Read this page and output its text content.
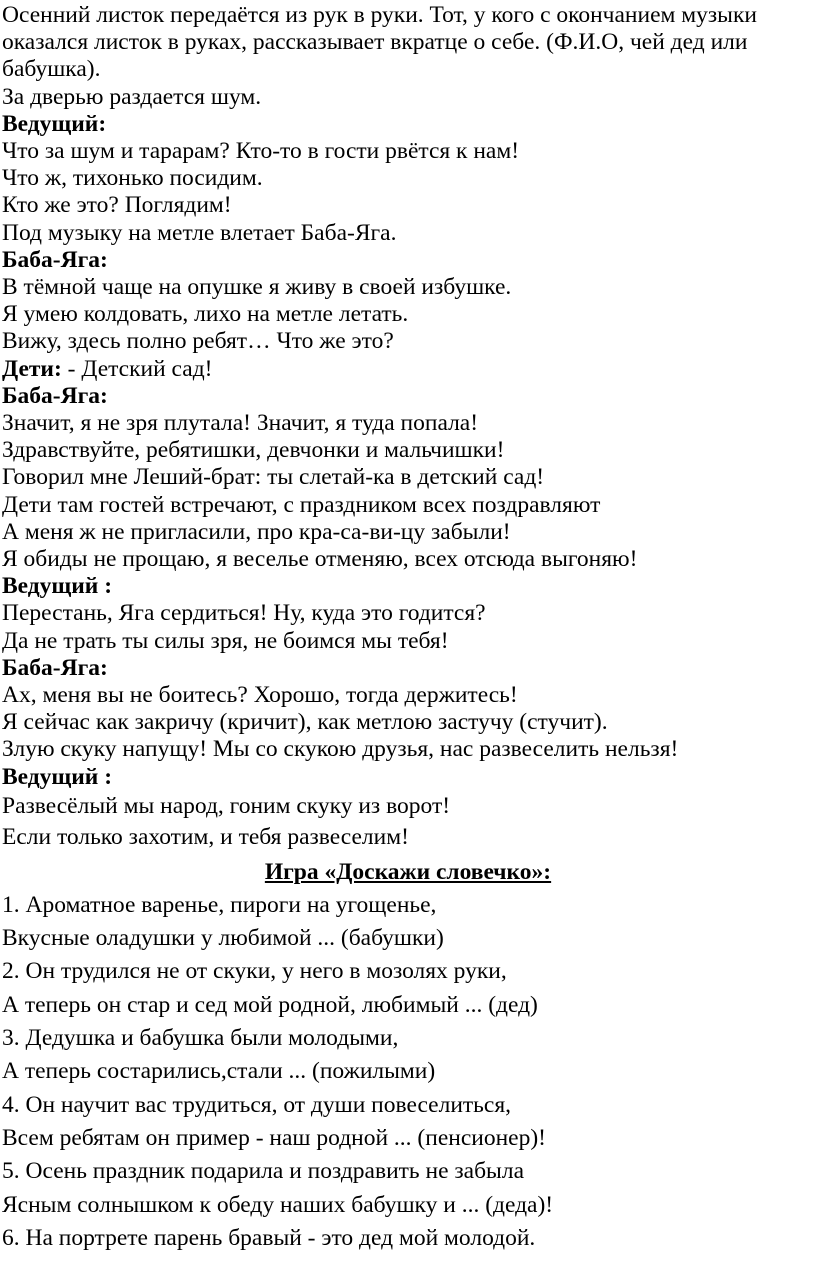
Осенний листок передаётся из рук в руки. Тот, у кого с окончанием музыки
оказался листок в руках, рассказывает вкратце о себе. (Ф.И.О, чей дед или
бабушка).
За дверью раздается шум.
Ведущий:
Что за шум и тарарам? Кто-то в гости рвётся к нам!
Что ж, тихонько посидим.
Кто же это? Поглядим!
Под музыку на метле влетает Баба-Яга.
Баба-Яга:
В тёмной чаще на опушке я живу в своей избушке.
Я умею колдовать, лихо на метле летать.
Вижу, здесь полно ребят… Что же это?
Дети: - Детский сад!
Баба-Яга:
Значит, я не зря плутала! Значит, я туда попала!
Здравствуйте, ребятишки, девчонки и мальчишки!
Говорил мне Леший-брат: ты слетай-ка в детский сад!
Дети там гостей встречают, с праздником всех поздравляют
А меня ж не пригласили, про кра-са-ви-цу забыли!
Я обиды не прощаю, я веселье отменяю, всех отсюда выгоняю!
Ведущий :
Перестань, Яга сердиться! Ну, куда это годится?
Да не трать ты силы зря, не боимся мы тебя!
Баба-Яга:
Ах, меня вы не боитесь? Хорошо, тогда держитесь!
Я сейчас как закричу (кричит), как метлою застучу (стучит).
Злую скуку напущу! Мы со скукою друзья, нас развеселить нельзя!
Ведущий :
Развесёлый мы народ, гоним скуку из ворот!
Если только захотим, и тебя развеселим!
Игра «Доскажи словечко»:
1. Ароматное варенье, пироги на угощенье,
Вкусные оладушки у любимой ... (бабушки)
2. Он трудился не от скуки, у него в мозолях руки,
А теперь он стар и сед мой родной, любимый ... (дед)
3. Дедушка и бабушка были молодыми,
А теперь состарились,стали ... (пожилыми)
4. Он научит вас трудиться, от души повеселиться,
Всем ребятам он пример - наш родной ... (пенсионер)!
5. Осень праздник подарила и поздравить не забыла
Ясным солнышком к обеду наших бабушку и ... (деда)!
6. На портрете парень бравый - это дед мой молодой.
